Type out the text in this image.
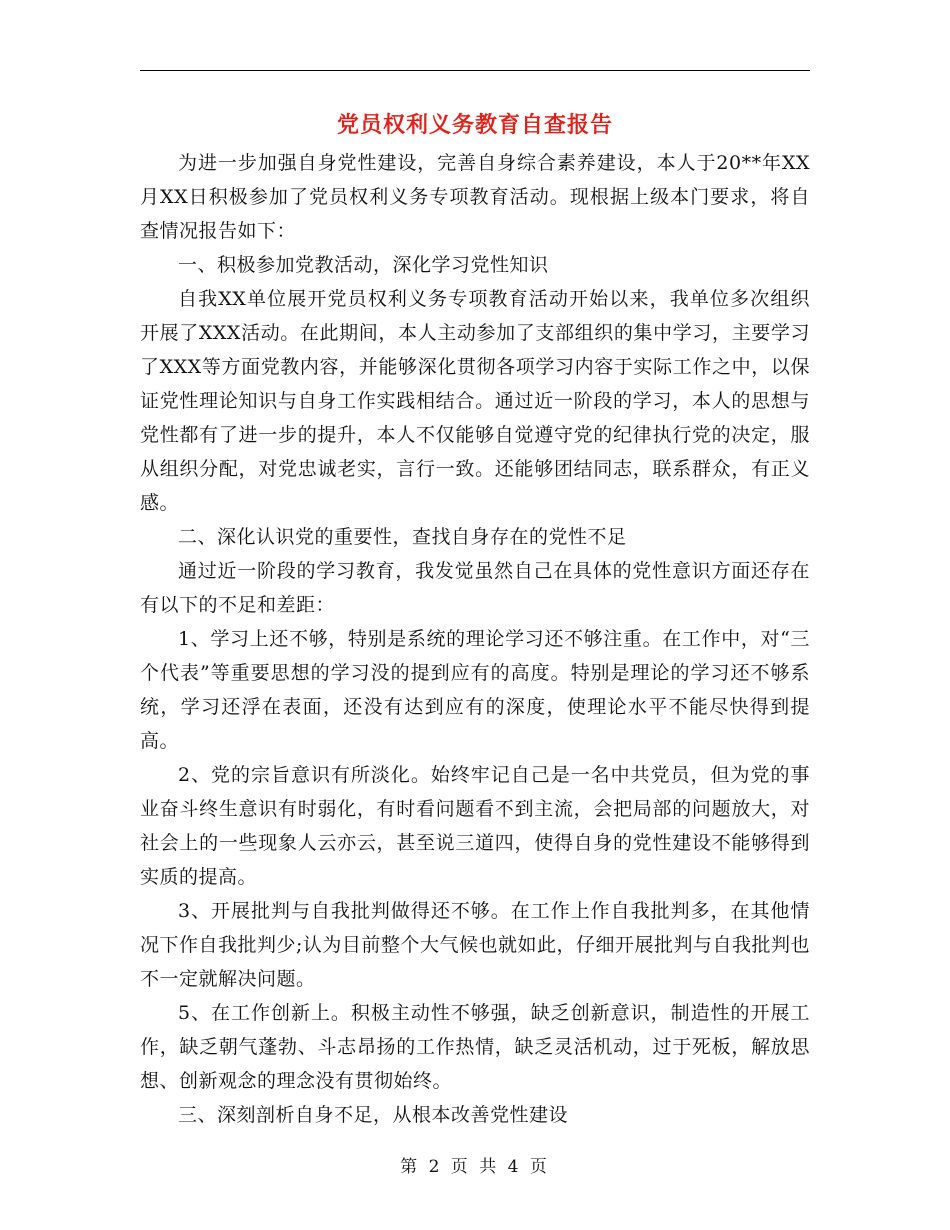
党员权利义务教育自查报告

为进一步加强自身党性建设，完善自身综合素养建设，本人于20**年XX月XX日积极参加了党员权利义务专项教育活动。现根据上级本门要求，将自查情况报告如下：

一、积极参加党教活动，深化学习党性知识

自我XX单位展开党员权利义务专项教育活动开始以来，我单位多次组织开展了XXX活动。在此期间，本人主动参加了支部组织的集中学习，主要学习了XXX等方面党教内容，并能够深化贯彻各项学习内容于实际工作之中，以保证党性理论知识与自身工作实践相结合。通过近一阶段的学习，本人的思想与党性都有了进一步的提升，本人不仅能够自觉遵守党的纪律执行党的决定，服从组织分配，对党忠诚老实，言行一致。还能够团结同志，联系群众，有正义感。

二、深化认识党的重要性，查找自身存在的党性不足

通过近一阶段的学习教育，我发觉虽然自己在具体的党性意识方面还存在有以下的不足和差距：

1、学习上还不够，特别是系统的理论学习还不够注重。在工作中，对“三个代表”等重要思想的学习没的提到应有的高度。特别是理论的学习还不够系统，学习还浮在表面，还没有达到应有的深度，使理论水平不能尽快得到提高。

2、党的宗旨意识有所淡化。始终牢记自己是一名中共党员，但为党的事业奋斗终生意识有时弱化，有时看问题看不到主流，会把局部的问题放大，对社会上的一些现象人云亦云，甚至说三道四，使得自身的党性建设不能够得到实质的提高。

3、开展批判与自我批判做得还不够。在工作上作自我批判多，在其他情况下作自我批判少;认为目前整个大气候也就如此，仔细开展批判与自我批判也不一定就解决问题。

5、在工作创新上。积极主动性不够强，缺乏创新意识，制造性的开展工作，缺乏朝气蓬勃、斗志昂扬的工作热情，缺乏灵活机动，过于死板，解放思想、创新观念的理念没有贯彻始终。

三、深刻剖析自身不足，从根本改善党性建设

第 2 页 共 4 页
